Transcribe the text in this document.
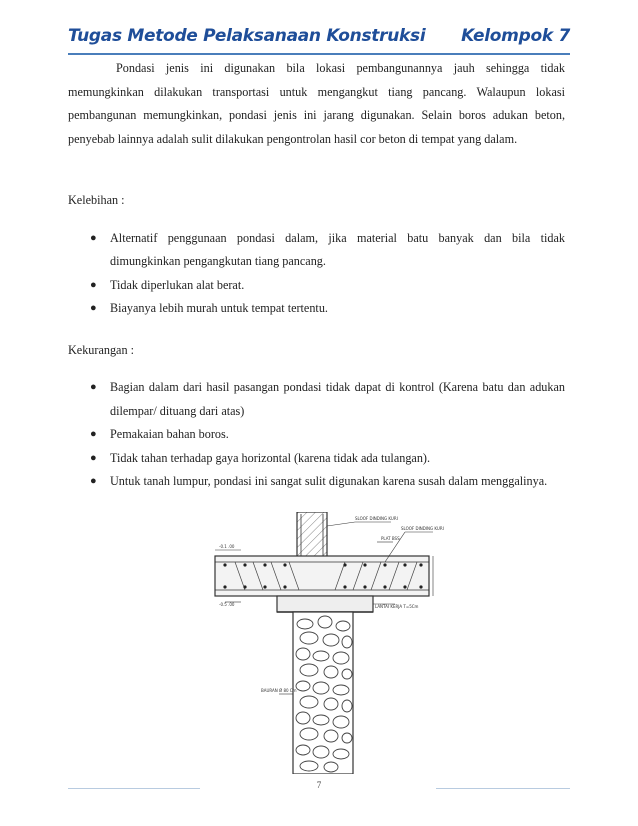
Tugas Metode Pelaksanaan Konstruksi Kelompok 7

Pondasi jenis ini digunakan bila lokasi pembangunannya jauh sehingga tidak memungkinkan dilakukan transportasi untuk mengangkut tiang pancang. Walaupun lokasi pembangunan memungkinkan, pondasi jenis ini jarang digunakan. Selain boros adukan beton, penyebab lainnya adalah sulit dilakukan pengontrolan hasil cor beton di tempat yang dalam.

Kelebihan :

● Alternatif penggunaan pondasi dalam, jika material batu banyak dan bila tidak dimungkinkan pengangkutan tiang pancang.
● Tidak diperlukan alat berat.
● Biayanya lebih murah untuk tempat tertentu.

Kekurangan :

● Bagian dalam dari hasil pasangan pondasi tidak dapat di kontrol (Karena batu dan adukan dilempar/ dituang dari atas)
● Pemakaian bahan boros.
● Tidak tahan terhadap gaya horizontal (karena tidak ada tulangan).
● Untuk tanah lumpur, pondasi ini sangat sulit digunakan karena susah dalam menggalinya.
SLOOF DINDING KURI
SLOOF DINDING KURI
PLAT BSS
LANTAI KERJA T=5Cm
-0.1 .00
-0.5 .00
BAURAN Ø 80 Cm
7
